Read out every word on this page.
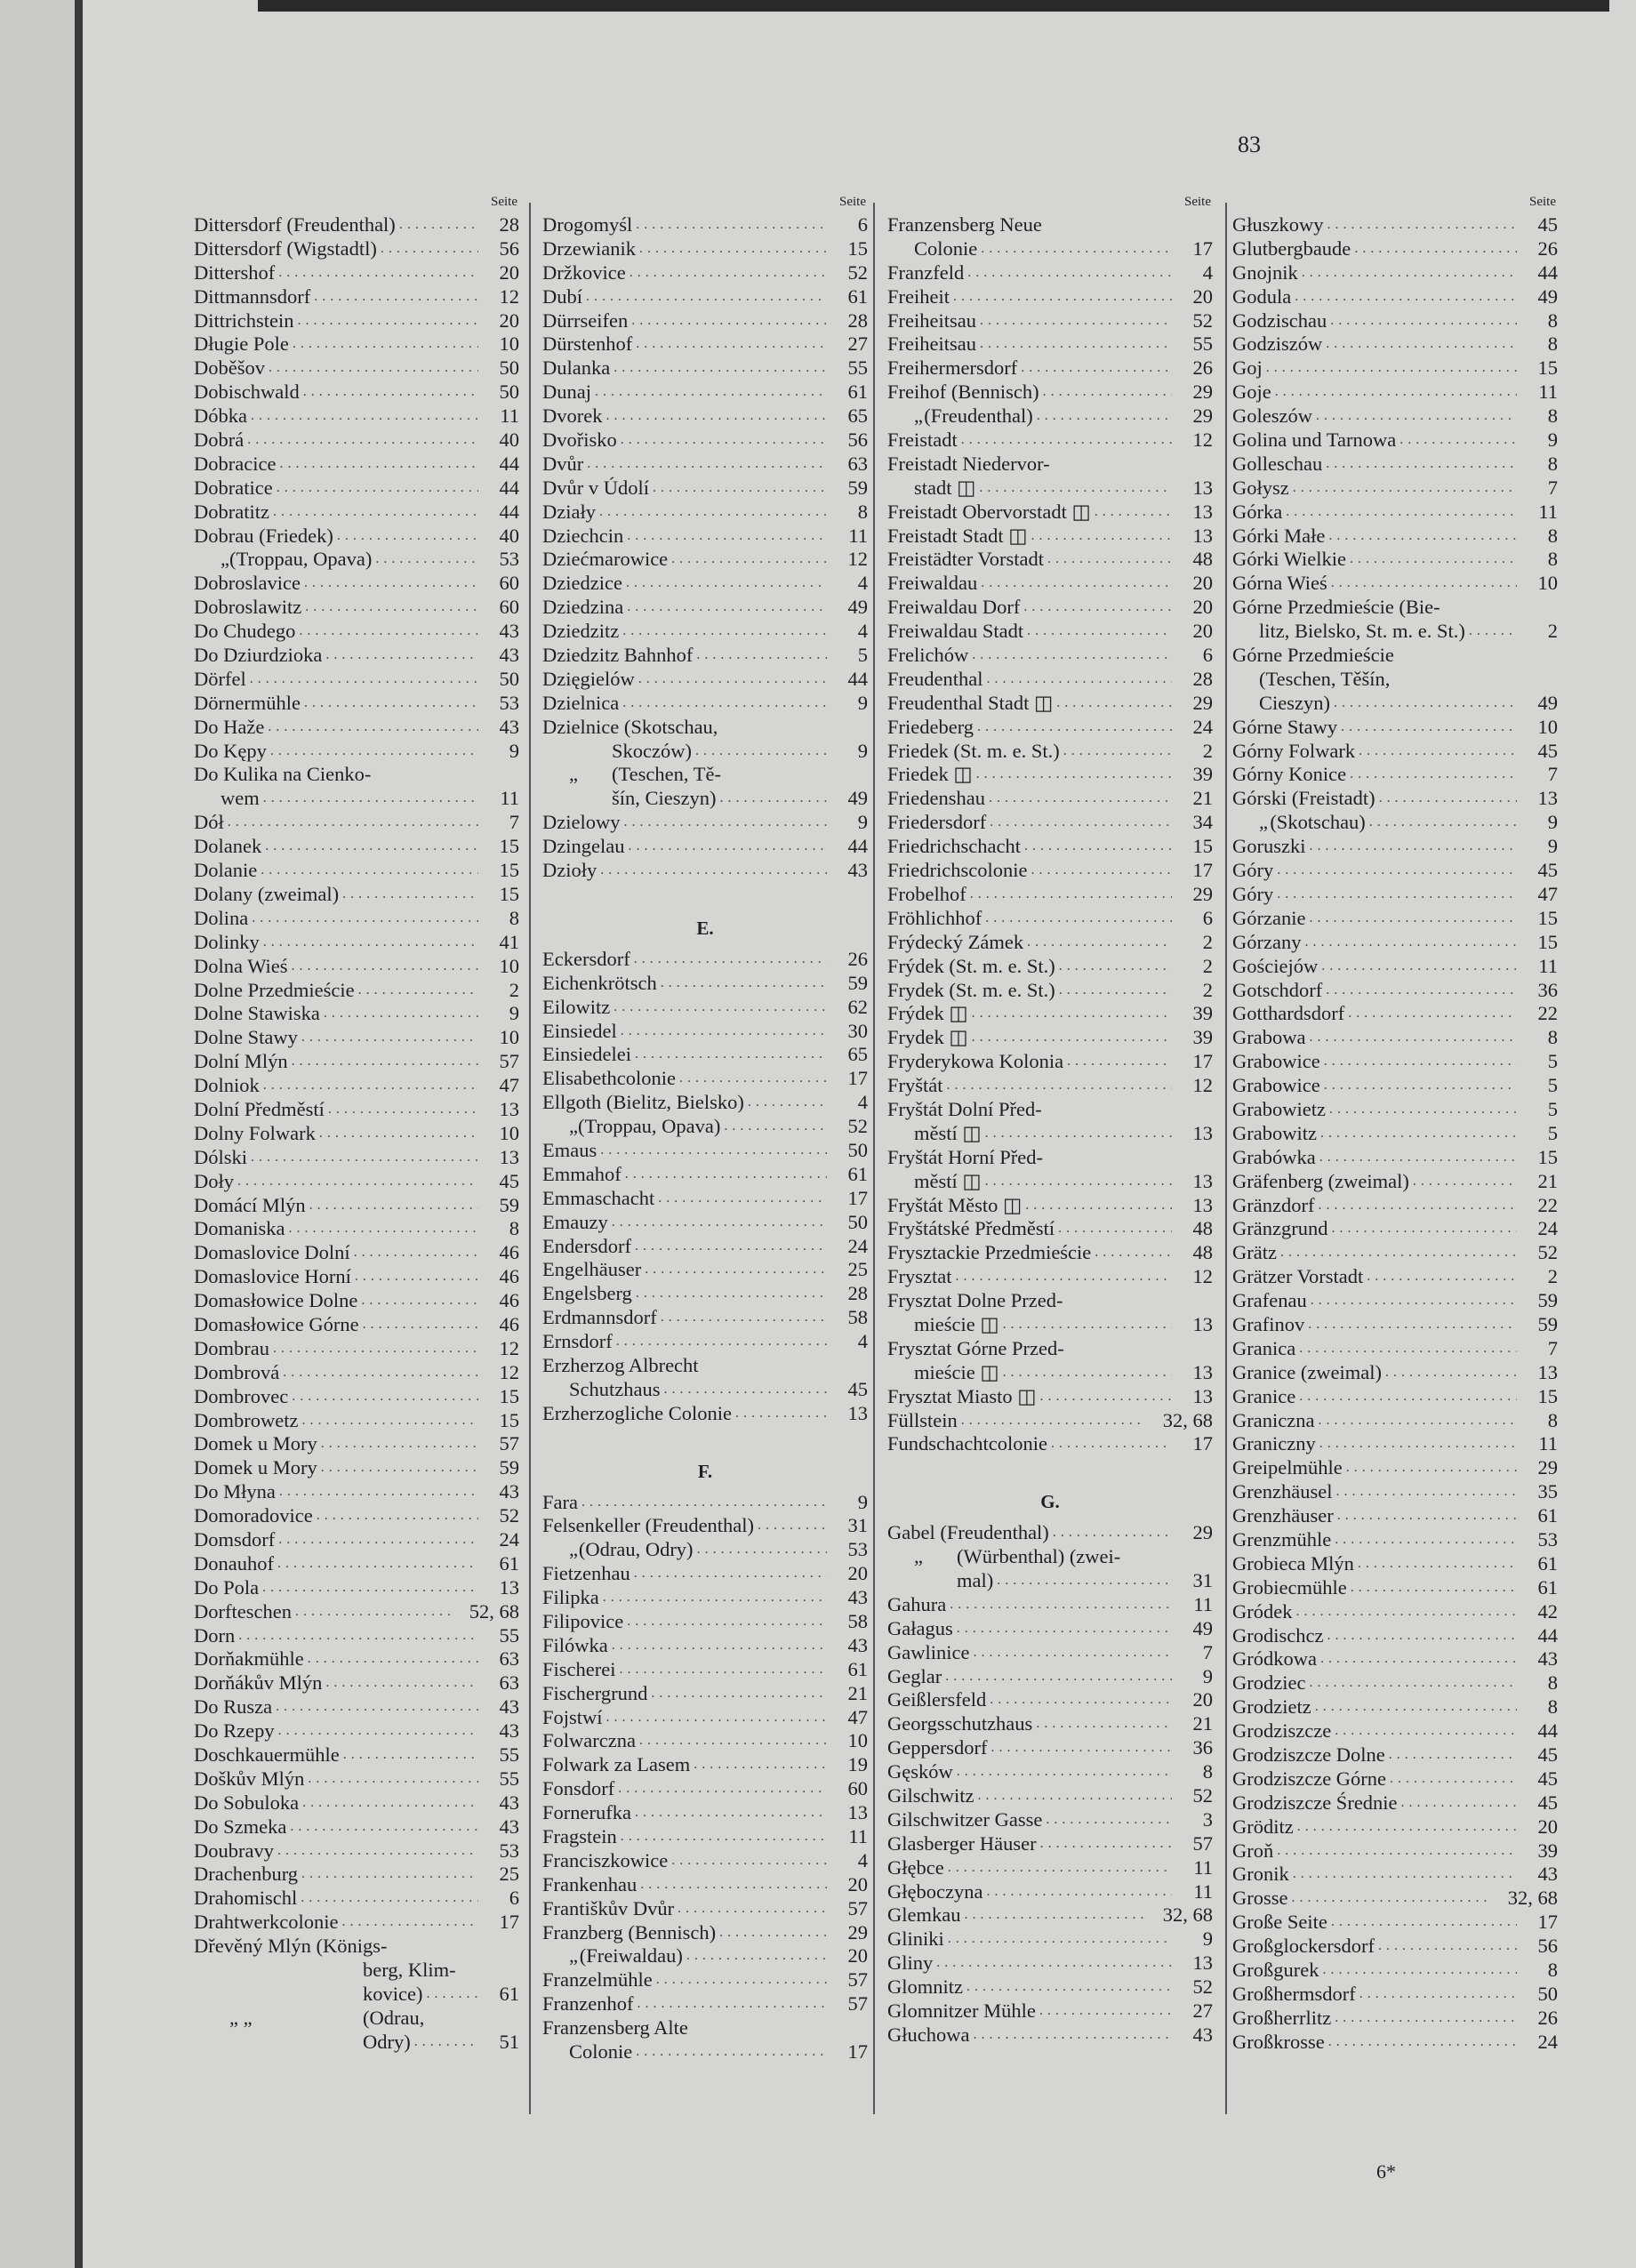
83
Seite
Dittersdorf (Freudenthal) .....	28
Dittersdorf (Wigstadtl) .....	56
Dittershof .....	20
Dittmannsdorf .....	12
Dittrichstein .....	20
Długie Pole .....	10
Doběšov .....	50
Dobischwald .....	50
Dóbka .....	11
Dobrá .....	40
Dobracice .....	44
Dobratice .....	44
Dobratitz .....	44
Dobrau (Friedek) .....	40
„ (Troppau, Opava) .....	53
Dobroslavice .....	60
Dobroslawitz .....	60
Do Chudego .....	43
Do Dziurdzioka .....	43
Dörfel .....	50
Dörnermühle .....	53
Do Haže .....	43
Do Kępy .....	9
Do Kulika na Cienko-
wem .....	11
Dół .....	7
Dolanek .....	15
Dolanie .....	15
Dolany (zweimal) .....	15
Dolina .....	8
Dolinky .....	41
Dolna Wieś .....	10
Dolne Przedmieście .....	2
Dolne Stawiska .....	9
Dolne Stawy .....	10
Dolní Mlýn .....	57
Dolniok .....	47
Dolní Předměstí .....	13
Dolny Folwark .....	10
Dólski .....	13
Doły .....	45
Domácí Mlýn .....	59
Domaniska .....	8
Domaslovice Dolní .....	46
Domaslovice Horní .....	46
Domasłowice Dolne .....	46
Domasłowice Górne .....	46
Dombrau .....	12
Dombrová .....	12
Dombrovec .....	15
Dombrowetz .....	15
Domek u Mory .....	57
Domek u Mory .....	59
Do Młyna .....	43
Domoradovice .....	52
Domsdorf .....	24
Donauhof .....	61
Do Pola .....	13
Dorfteschen .....	52, 68
Dorn .....	55
Dorňakmühle .....	63
Dorňákův Mlýn .....	63
Do Rusza .....	43
Do Rzepy .....	43
Doschkauermühle .....	55
Doškův Mlýn .....	55
Do Sobuloka .....	43
Do Szmeka .....	43
Doubravy .....	53
Drachenburg .....	25
Drahomischl .....	6
Drahtwerkcolonie .....	17
Dřevěný Mlýn (Königs-
berg, Klim-
kovice) .....	61
„ „	(Odrau,
Odry) .....	51
Seite
Drogomyśl .....	6
Drzewianik .....	15
Držkovice .....	52
Dubí .....	61
Dürrseifen .....	28
Dürstenhof .....	27
Dulanka .....	55
Dunaj .....	61
Dvorek .....	65
Dvořisko .....	56
Dvůr .....	63
Dvůr v Údolí .....	59
Działy .....	8
Dziechcin .....	11
Dziećmarowice .....	12
Dziedzice .....	4
Dziedzina .....	49
Dziedzitz .....	4
Dziedzitz Bahnhof .....	5
Dzięgielów .....	44
Dzielnica .....	9
Dzielnice (Skotschau,
Skoczów) .....	9
„	(Teschen, Tě-
šín, Cieszyn) .....	49
Dzielowy .....	9
Dzingelau .....	44
Dzioły .....	43
E.
Eckersdorf .....	26
Eichenkrötsch .....	59
Eilowitz .....	62
Einsiedel .....	30
Einsiedelei .....	65
Elisabethcolonie .....	17
Ellgoth (Bielitz, Bielsko) .....	4
„ (Troppau, Opava) .....	52
Emaus .....	50
Emmahof .....	61
Emmaschacht .....	17
Emauzy .....	50
Endersdorf .....	24
Engelhäuser .....	25
Engelsberg .....	28
Erdmannsdorf .....	58
Ernsdorf .....	4
Erzherzog Albrecht
Schutzhaus .....	45
Erzherzogliche Colonie .....	13
F.
Fara .....	9
Felsenkeller (Freudenthal) .....	31
„ (Odrau, Odry) .....	53
Fietzenhau .....	20
Filipka .....	43
Filipovice .....	58
Filówka .....	43
Fischerei .....	61
Fischergrund .....	21
Fojstwí .....	47
Folwarczna .....	10
Folwark za Lasem .....	19
Fonsdorf .....	60
Fornerufka .....	13
Fragstein .....	11
Franciszkowice .....	4
Frankenhau .....	20
Františkův Dvůr .....	57
Franzberg (Bennisch) .....	29
„ (Freiwaldau) .....	20
Franzelmühle .....	57
Franzenhof .....	57
Franzensberg Alte
Colonie .....	17
Seite
Franzensberg Neue
Colonie .....	17
Franzfeld .....	4
Freiheit .....	20
Freiheitsau .....	52
Freiheitsau .....	55
Freihermersdorf .....	26
Freihof (Bennisch) .....	29
„ (Freudenthal) .....	29
Freistadt .....	12
Freistadt Niedervor-
stadt ◫ .....	13
Freistadt Obervorstadt ◫ .....	13
Freistadt Stadt ◫ .....	13
Freistädter Vorstadt .....	48
Freiwaldau .....	20
Freiwaldau Dorf .....	20
Freiwaldau Stadt .....	20
Frelichów .....	6
Freudenthal .....	28
Freudenthal Stadt ◫ .....	29
Friedeberg .....	24
Friedek (St. m. e. St.) .....	2
Friedek ◫ .....	39
Friedenshau .....	21
Friedersdorf .....	34
Friedrichschacht .....	15
Friedrichscolonie .....	17
Frobelhof .....	29
Fröhlichhof .....	6
Frýdecký Zámek .....	2
Frýdek (St. m. e. St.) .....	2
Frydek (St. m. e. St.) .....	2
Frýdek ◫ .....	39
Frydek ◫ .....	39
Fryderykowa Kolonia .....	17
Fryštát .....	12
Fryštát Dolní Před-
městí ◫ .....	13
Fryštát Horní Před-
městí ◫ .....	13
Fryštát Město ◫ .....	13
Fryštátské Předměstí .....	48
Frysztackie Przedmieście .....	48
Frysztat .....	12
Frysztat Dolne Przed-
mieście ◫ .....	13
Frysztat Górne Przed-
mieście ◫ .....	13
Frysztat Miasto ◫ .....	13
Füllstein .....	32, 68
Fundschachtcolonie .....	17
G.
Gabel (Freudenthal) .....	29
„	(Würbenthal) (zwei-
mal) .....	31
Gahura .....	11
Gałagus .....	49
Gawlinice .....	7
Geglar .....	9
Geißlersfeld .....	20
Georgsschutzhaus .....	21
Geppersdorf .....	36
Gęsków .....	8
Gilschwitz .....	52
Gilschwitzer Gasse .....	3
Glasberger Häuser .....	57
Głębce .....	11
Głęboczyna .....	11
Glemkau .....	32, 68
Gliniki .....	9
Gliny .....	13
Glomnitz .....	52
Glomnitzer Mühle .....	27
Głuchowa .....	43
Seite
Głuszkowy .....	45
Glutbergbaude .....	26
Gnojnik .....	44
Godula .....	49
Godzischau .....	8
Godziszów .....	8
Goj .....	15
Goje .....	11
Goleszów .....	8
Golina und Tarnowa .....	9
Golleschau .....	8
Gołysz .....	7
Górka .....	11
Górki Małe .....	8
Górki Wielkie .....	8
Górna Wieś .....	10
Górne Przedmieście (Bie-
litz, Bielsko, St. m. e. St.) .....	2
Górne Przedmieście
(Teschen, Těšín,
Cieszyn) .....	49
Górne Stawy .....	10
Górny Folwark .....	45
Górny Konice .....	7
Górski (Freistadt) .....	13
„ (Skotschau) .....	9
Goruszki .....	9
Góry .....	45
Góry .....	47
Górzanie .....	15
Górzany .....	15
Gościejów .....	11
Gotschdorf .....	36
Gotthardsdorf .....	22
Grabowa .....	8
Grabowice .....	5
Grabowice .....	5
Grabowietz .....	5
Grabowitz .....	5
Grabówka .....	15
Gräfenberg (zweimal) .....	21
Gränzdorf .....	22
Gränzgrund .....	24
Grätz .....	52
Grätzer Vorstadt .....	2
Grafenau .....	59
Grafinov .....	59
Granica .....	7
Granice (zweimal) .....	13
Granice .....	15
Graniczna .....	8
Graniczny .....	11
Greipelmühle .....	29
Grenzhäusel .....	35
Grenzhäuser .....	61
Grenzmühle .....	53
Grobieca Mlýn .....	61
Grobiecmühle .....	61
Gródek .....	42
Grodischcz .....	44
Gródkowa .....	43
Grodziec .....	8
Grodzietz .....	8
Grodziszcze .....	44
Grodziszcze Dolne .....	45
Grodziszcze Górne .....	45
Grodziszcze Średnie .....	45
Gröditz .....	20
Groň .....	39
Gronik .....	43
Grosse .....	32, 68
Große Seite .....	17
Großglockersdorf .....	56
Großgurek .....	8
Großhermsdorf .....	50
Großherrlitz .....	26
Großkrosse .....	24
6*
